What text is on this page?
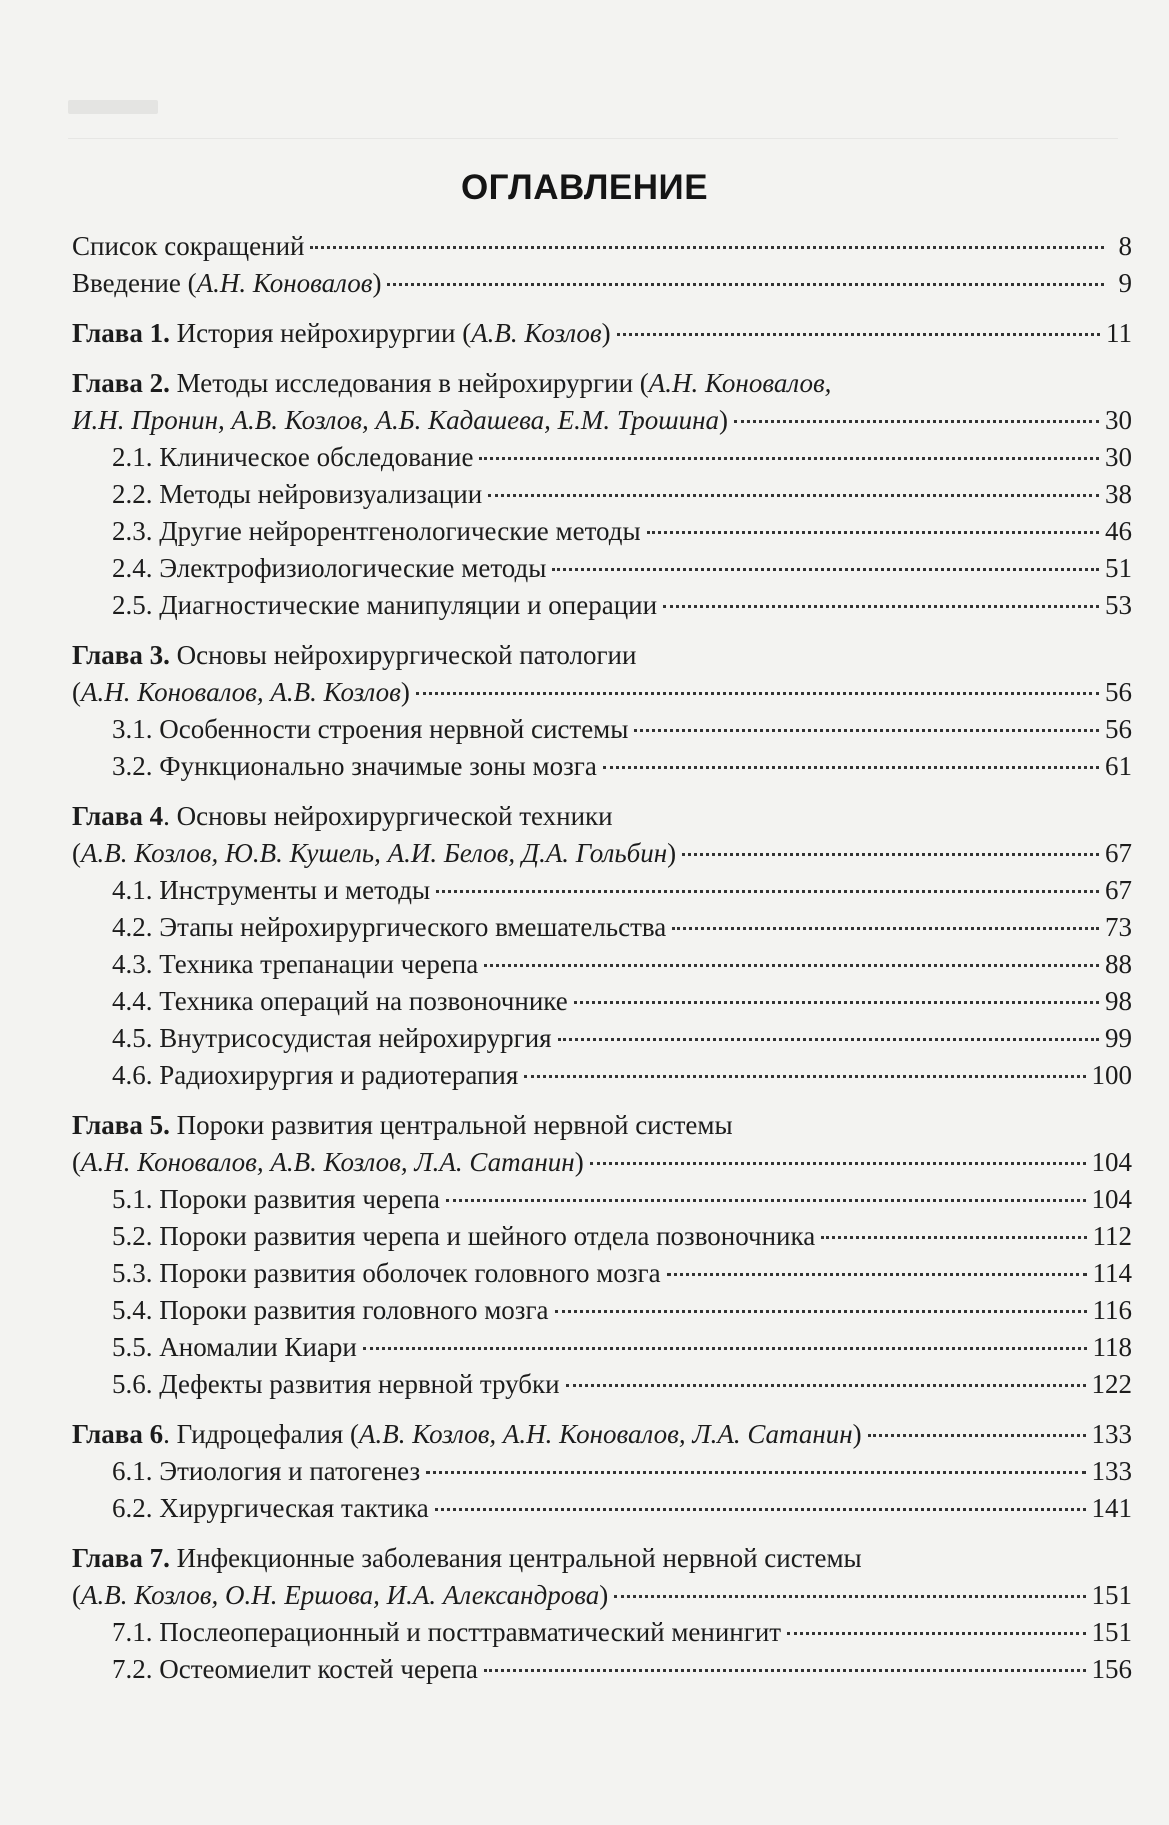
ОГЛАВЛЕНИЕ
Список сокращений	8
Введение (А.Н. Коновалов)	9
Глава 1. История нейрохирургии (А.В. Козлов)	11
Глава 2. Методы исследования в нейрохирургии (А.Н. Коновалов,
И.Н. Пронин, А.В. Козлов, А.Б. Кадашева, Е.М. Трошина)	30
2.1. Клиническое обследование	30
2.2. Методы нейровизуализации	38
2.3. Другие нейрорентгенологические методы	46
2.4. Электрофизиологические методы	51
2.5. Диагностические манипуляции и операции	53
Глава 3. Основы нейрохирургической патологии
(А.Н. Коновалов, А.В. Козлов)	56
3.1. Особенности строения нервной системы	56
3.2. Функционально значимые зоны мозга	61
Глава 4. Основы нейрохирургической техники
(А.В. Козлов, Ю.В. Кушель, А.И. Белов, Д.А. Гольбин)	67
4.1. Инструменты и методы	67
4.2. Этапы нейрохирургического вмешательства	73
4.3. Техника трепанации черепа	88
4.4. Техника операций на позвоночнике	98
4.5. Внутрисосудистая нейрохирургия	99
4.6. Радиохирургия и радиотерапия	100
Глава 5. Пороки развития центральной нервной системы
(А.Н. Коновалов, А.В. Козлов, Л.А. Сатанин)	104
5.1. Пороки развития черепа	104
5.2. Пороки развития черепа и шейного отдела позвоночника	112
5.3. Пороки развития оболочек головного мозга	114
5.4. Пороки развития головного мозга	116
5.5. Аномалии Киари	118
5.6. Дефекты развития нервной трубки	122
Глава 6. Гидроцефалия (А.В. Козлов, А.Н. Коновалов, Л.А. Сатанин)	133
6.1. Этиология и патогенез	133
6.2. Хирургическая тактика	141
Глава 7. Инфекционные заболевания центральной нервной системы
(А.В. Козлов, О.Н. Ершова, И.А. Александрова)	151
7.1. Послеоперационный и посттравматический менингит	151
7.2. Остеомиелит костей черепа	156
